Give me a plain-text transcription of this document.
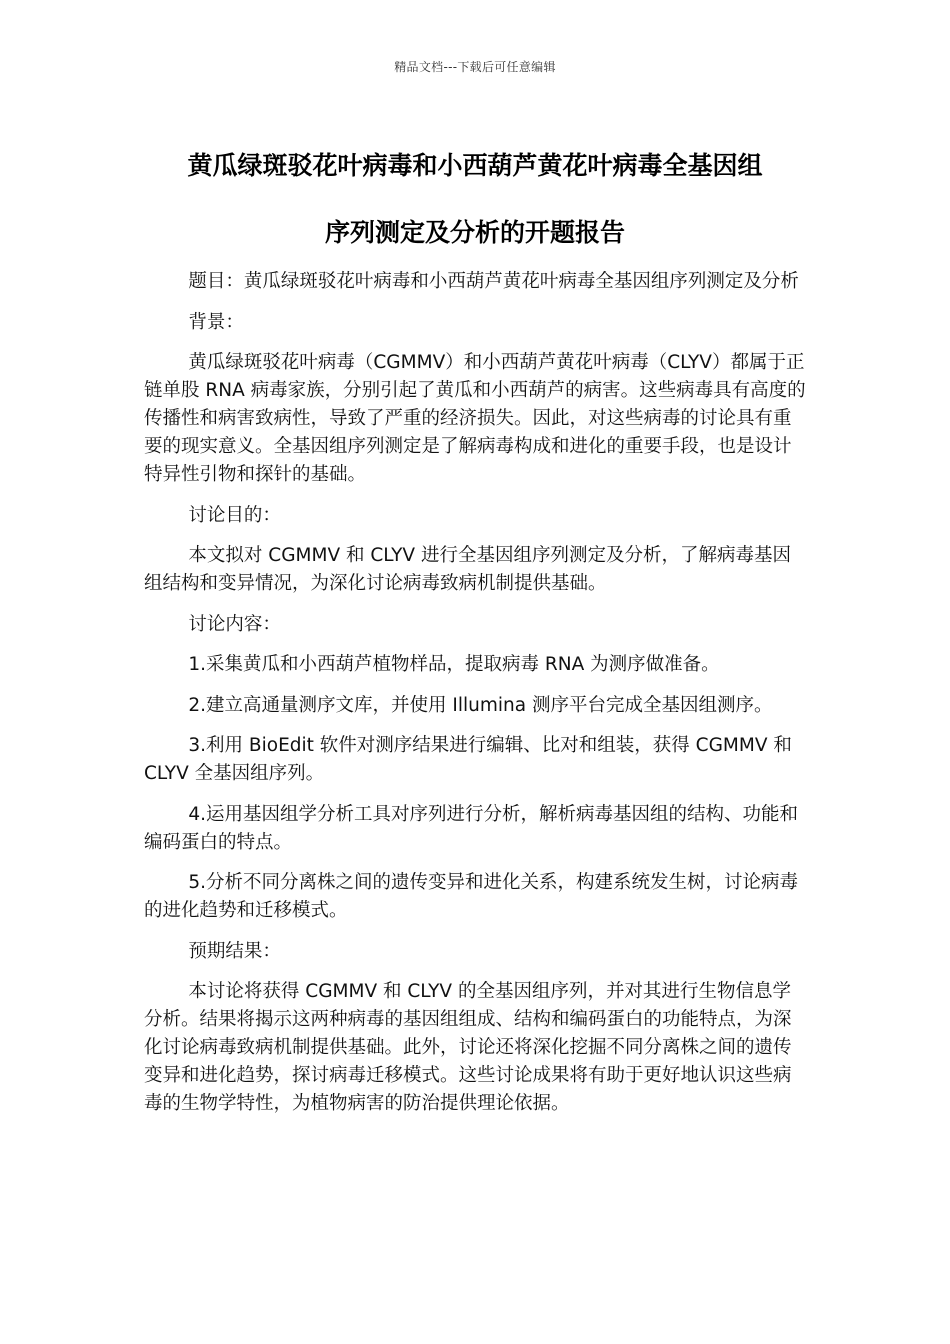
精品文档---下载后可任意编辑
黄瓜绿斑驳花叶病毒和小西葫芦黄花叶病毒全基因组
序列测定及分析的开题报告

题目：黄瓜绿斑驳花叶病毒和小西葫芦黄花叶病毒全基因组序列测定及分析

背景：

黄瓜绿斑驳花叶病毒（CGMMV）和小西葫芦黄花叶病毒（CLYV）都属于正链单股 RNA 病毒家族，分别引起了黄瓜和小西葫芦的病害。这些病毒具有高度的传播性和病害致病性，导致了严重的经济损失。因此，对这些病毒的讨论具有重要的现实意义。全基因组序列测定是了解病毒构成和进化的重要手段，也是设计特异性引物和探针的基础。

讨论目的：

本文拟对 CGMMV 和 CLYV 进行全基因组序列测定及分析，了解病毒基因组结构和变异情况，为深化讨论病毒致病机制提供基础。

讨论内容：

1.采集黄瓜和小西葫芦植物样品，提取病毒 RNA 为测序做准备。

2.建立高通量测序文库，并使用 Illumina 测序平台完成全基因组测序。

3.利用 BioEdit 软件对测序结果进行编辑、比对和组装，获得 CGMMV 和 CLYV 全基因组序列。

4.运用基因组学分析工具对序列进行分析，解析病毒基因组的结构、功能和编码蛋白的特点。

5.分析不同分离株之间的遗传变异和进化关系，构建系统发生树，讨论病毒的进化趋势和迁移模式。

预期结果：

本讨论将获得 CGMMV 和 CLYV 的全基因组序列，并对其进行生物信息学分析。结果将揭示这两种病毒的基因组组成、结构和编码蛋白的功能特点，为深化讨论病毒致病机制提供基础。此外，讨论还将深化挖掘不同分离株之间的遗传变异和进化趋势，探讨病毒迁移模式。这些讨论成果将有助于更好地认识这些病毒的生物学特性，为植物病害的防治提供理论依据。
